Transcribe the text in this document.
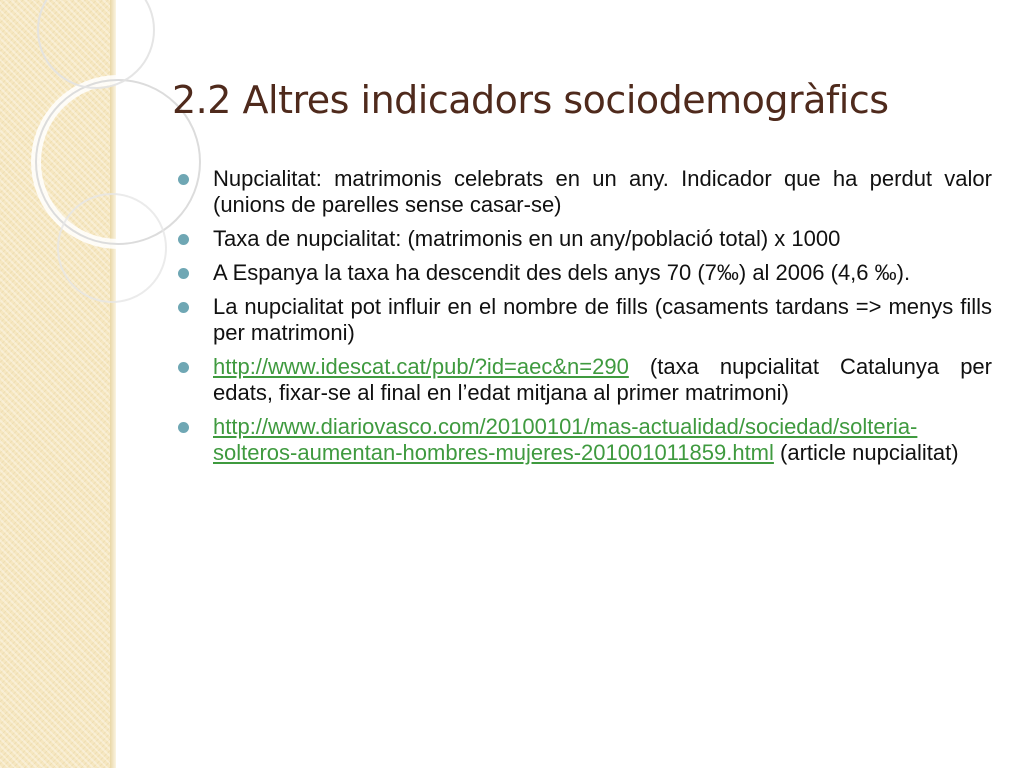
2.2 Altres indicadors sociodemogràfics
Nupcialitat: matrimonis celebrats en un any. Indicador que ha perdut valor (unions de parelles sense casar-se)
Taxa de nupcialitat: (matrimonis en un any/població total) x 1000
A Espanya la taxa ha descendit des dels anys 70 (7‰) al 2006 (4,6 ‰).
La nupcialitat pot influir en el nombre de fills (casaments tardans => menys fills per matrimoni)
http://www.idescat.cat/pub/?id=aec&n=290 (taxa nupcialitat Catalunya per edats, fixar-se al final en l’edat mitjana al primer matrimoni)
http://www.diariovasco.com/20100101/mas-actualidad/sociedad/solteria-solteros-aumentan-hombres-mujeres-201001011859.html (article nupcialitat)
